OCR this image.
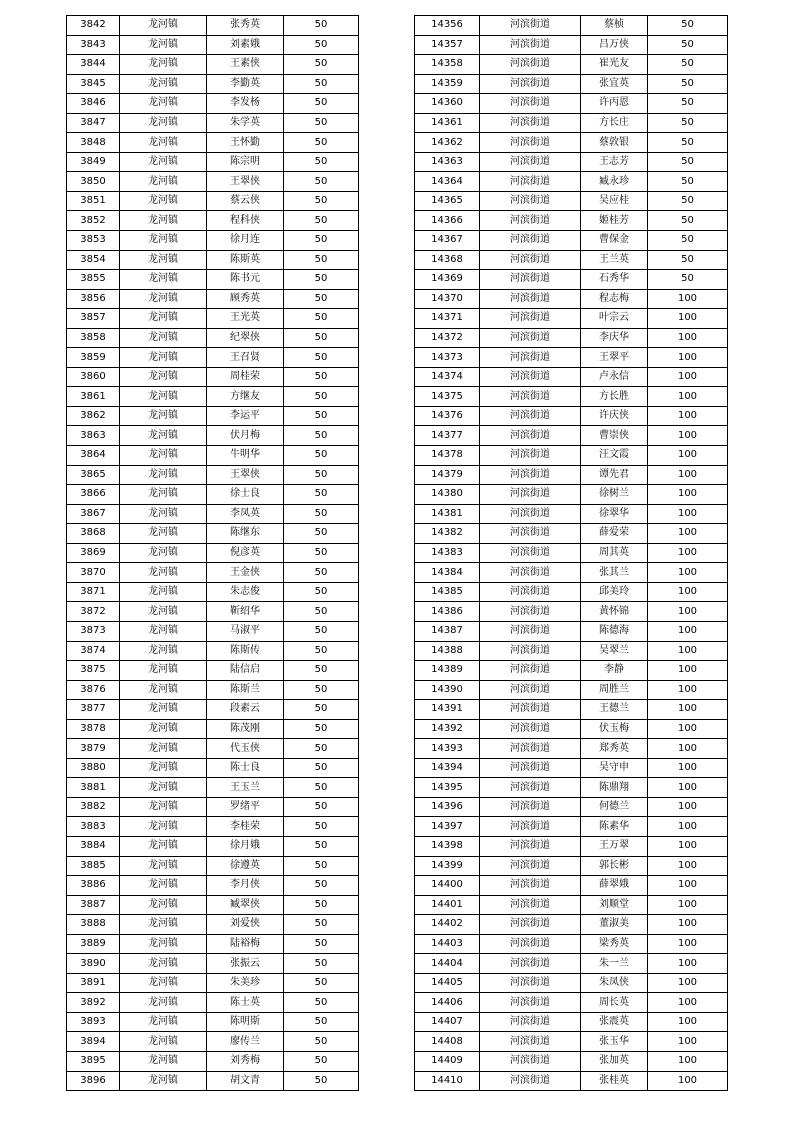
3842	龙河镇	张秀英	50
3843	龙河镇	刘素娥	50
3844	龙河镇	王素侠	50
3845	龙河镇	李勤英	50
3846	龙河镇	李发杨	50
3847	龙河镇	朱学英	50
3848	龙河镇	王怀勤	50
3849	龙河镇	陈宗明	50
3850	龙河镇	王翠侠	50
3851	龙河镇	蔡云侠	50
3852	龙河镇	程科侠	50
3853	龙河镇	徐月连	50
3854	龙河镇	陈斯英	50
3855	龙河镇	陈书元	50
3856	龙河镇	顾秀英	50
3857	龙河镇	王光英	50
3858	龙河镇	纪翠侠	50
3859	龙河镇	王召贤	50
3860	龙河镇	周桂荣	50
3861	龙河镇	方继友	50
3862	龙河镇	李运平	50
3863	龙河镇	伏月梅	50
3864	龙河镇	牛明华	50
3865	龙河镇	王翠侠	50
3866	龙河镇	徐士良	50
3867	龙河镇	李凤英	50
3868	龙河镇	陈继东	50
3869	龙河镇	倪彦英	50
3870	龙河镇	王金侠	50
3871	龙河镇	朱志俊	50
3872	龙河镇	靳绍华	50
3873	龙河镇	马淑平	50
3874	龙河镇	陈斯传	50
3875	龙河镇	陆信启	50
3876	龙河镇	陈斯兰	50
3877	龙河镇	段素云	50
3878	龙河镇	陈茂刚	50
3879	龙河镇	代玉侠	50
3880	龙河镇	陈士良	50
3881	龙河镇	王玉兰	50
3882	龙河镇	罗绪平	50
3883	龙河镇	李桂荣	50
3884	龙河镇	徐月娥	50
3885	龙河镇	徐遵英	50
3886	龙河镇	李月侠	50
3887	龙河镇	臧翠侠	50
3888	龙河镇	刘爱侠	50
3889	龙河镇	陆裕梅	50
3890	龙河镇	张振云	50
3891	龙河镇	朱美珍	50
3892	龙河镇	陈士英	50
3893	龙河镇	陈明斯	50
3894	龙河镇	廖传兰	50
3895	龙河镇	刘秀梅	50
3896	龙河镇	胡文青	50
14356	河滨街道	蔡桢	50
14357	河滨街道	吕万侠	50
14358	河滨街道	崔光友	50
14359	河滨街道	张宜英	50
14360	河滨街道	许丙恩	50
14361	河滨街道	方长庄	50
14362	河滨街道	蔡敦银	50
14363	河滨街道	王志芳	50
14364	河滨街道	臧永珍	50
14365	河滨街道	吴应桂	50
14366	河滨街道	姬桂芳	50
14367	河滨街道	曹保金	50
14368	河滨街道	王兰英	50
14369	河滨街道	石秀华	50
14370	河滨街道	程志梅	100
14371	河滨街道	叶宗云	100
14372	河滨街道	李庆华	100
14373	河滨街道	王翠平	100
14374	河滨街道	卢永信	100
14375	河滨街道	方长胜	100
14376	河滨街道	许庆侠	100
14377	河滨街道	曹崇侠	100
14378	河滨街道	汪文霞	100
14379	河滨街道	谭先君	100
14380	河滨街道	徐树兰	100
14381	河滨街道	徐翠华	100
14382	河滨街道	薛爱荣	100
14383	河滨街道	周其英	100
14384	河滨街道	张其兰	100
14385	河滨街道	邱美玲	100
14386	河滨街道	黄怀锦	100
14387	河滨街道	陈德海	100
14388	河滨街道	吴翠兰	100
14389	河滨街道	李静	100
14390	河滨街道	周胜兰	100
14391	河滨街道	王德兰	100
14392	河滨街道	伏玉梅	100
14393	河滨街道	郑秀英	100
14394	河滨街道	吴守申	100
14395	河滨街道	陈鼎翔	100
14396	河滨街道	何德兰	100
14397	河滨街道	陈素华	100
14398	河滨街道	王万翠	100
14399	河滨街道	郭长彬	100
14400	河滨街道	薛翠娥	100
14401	河滨街道	刘顺堂	100
14402	河滨街道	董淑美	100
14403	河滨街道	梁秀英	100
14404	河滨街道	朱一兰	100
14405	河滨街道	朱凤侠	100
14406	河滨街道	周长英	100
14407	河滨街道	张震英	100
14408	河滨街道	张玉华	100
14409	河滨街道	张加英	100
14410	河滨街道	张桂英	100
